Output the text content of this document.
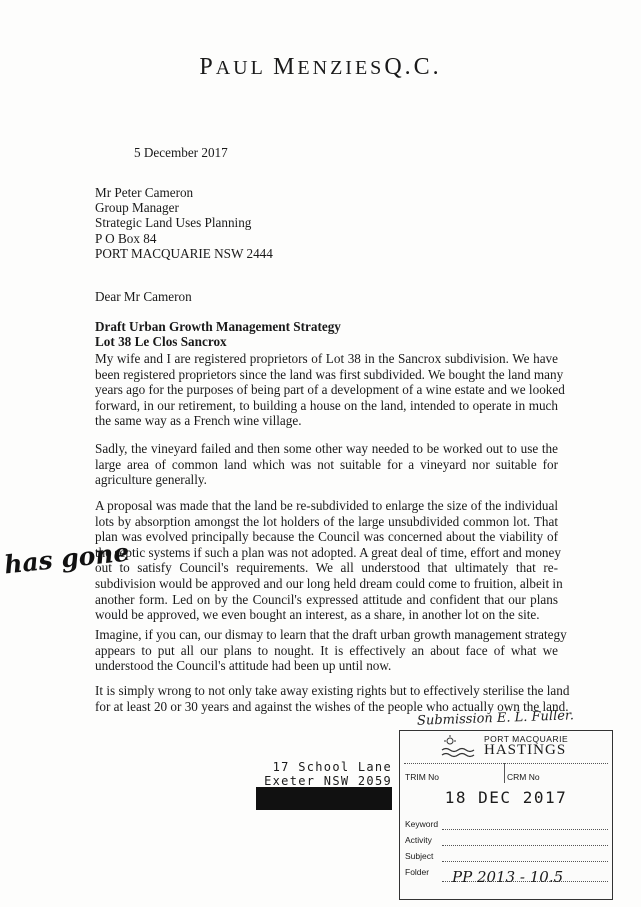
PAUL MENZIESQ.C.
5 December 2017
Mr Peter Cameron
Group Manager
Strategic Land Uses Planning
P O Box 84
PORT MACQUARIE NSW 2444
Dear Mr Cameron
Draft Urban Growth Management Strategy
Lot 38 Le Clos Sancrox
My wife and I are registered proprietors of Lot 38 in the Sancrox subdivision. We have
been registered proprietors since the land was first subdivided. We bought the land many
years ago for the purposes of being part of a development of a wine estate and we looked
forward, in our retirement, to building a house on the land, intended to operate in much
the same way as a French wine village.
Sadly, the vineyard failed and then some other way needed to be worked out to use the
large area of common land which was not suitable for a vineyard nor suitable for
agriculture generally.
A proposal was made that the land be re-subdivided to enlarge the size of the individual
lots by absorption amongst the lot holders of the large unsubdivided common lot. That
plan was evolved principally because the Council was concerned about the viability of
the septic systems if such a plan was not adopted. A great deal of time, effort and money
out to satisfy Council's requirements. We all understood that ultimately that re-
subdivision would be approved and our long held dream could come to fruition, albeit in
another form. Led on by the Council's expressed attitude and confident that our plans
would be approved, we even bought an interest, as a share, in another lot on the site.
Imagine, if you can, our dismay to learn that the draft urban growth management strategy
appears to put all our plans to nought. It is effectively an about face of what we
understood the Council's attitude had been up until now.
It is simply wrong to not only take away existing rights but to effectively sterilise the land
for at least 20 or 30 years and against the wishes of the people who actually own the land.
has gone
Submission E. L. Fuller.
17 School Lane
Exeter NSW 2059
PORT MACQUARIE
HASTINGS
TRIM No	CRM No
18 DEC 2017
Keyword
Activity
Subject
Folder PP 2013 - 10.5
